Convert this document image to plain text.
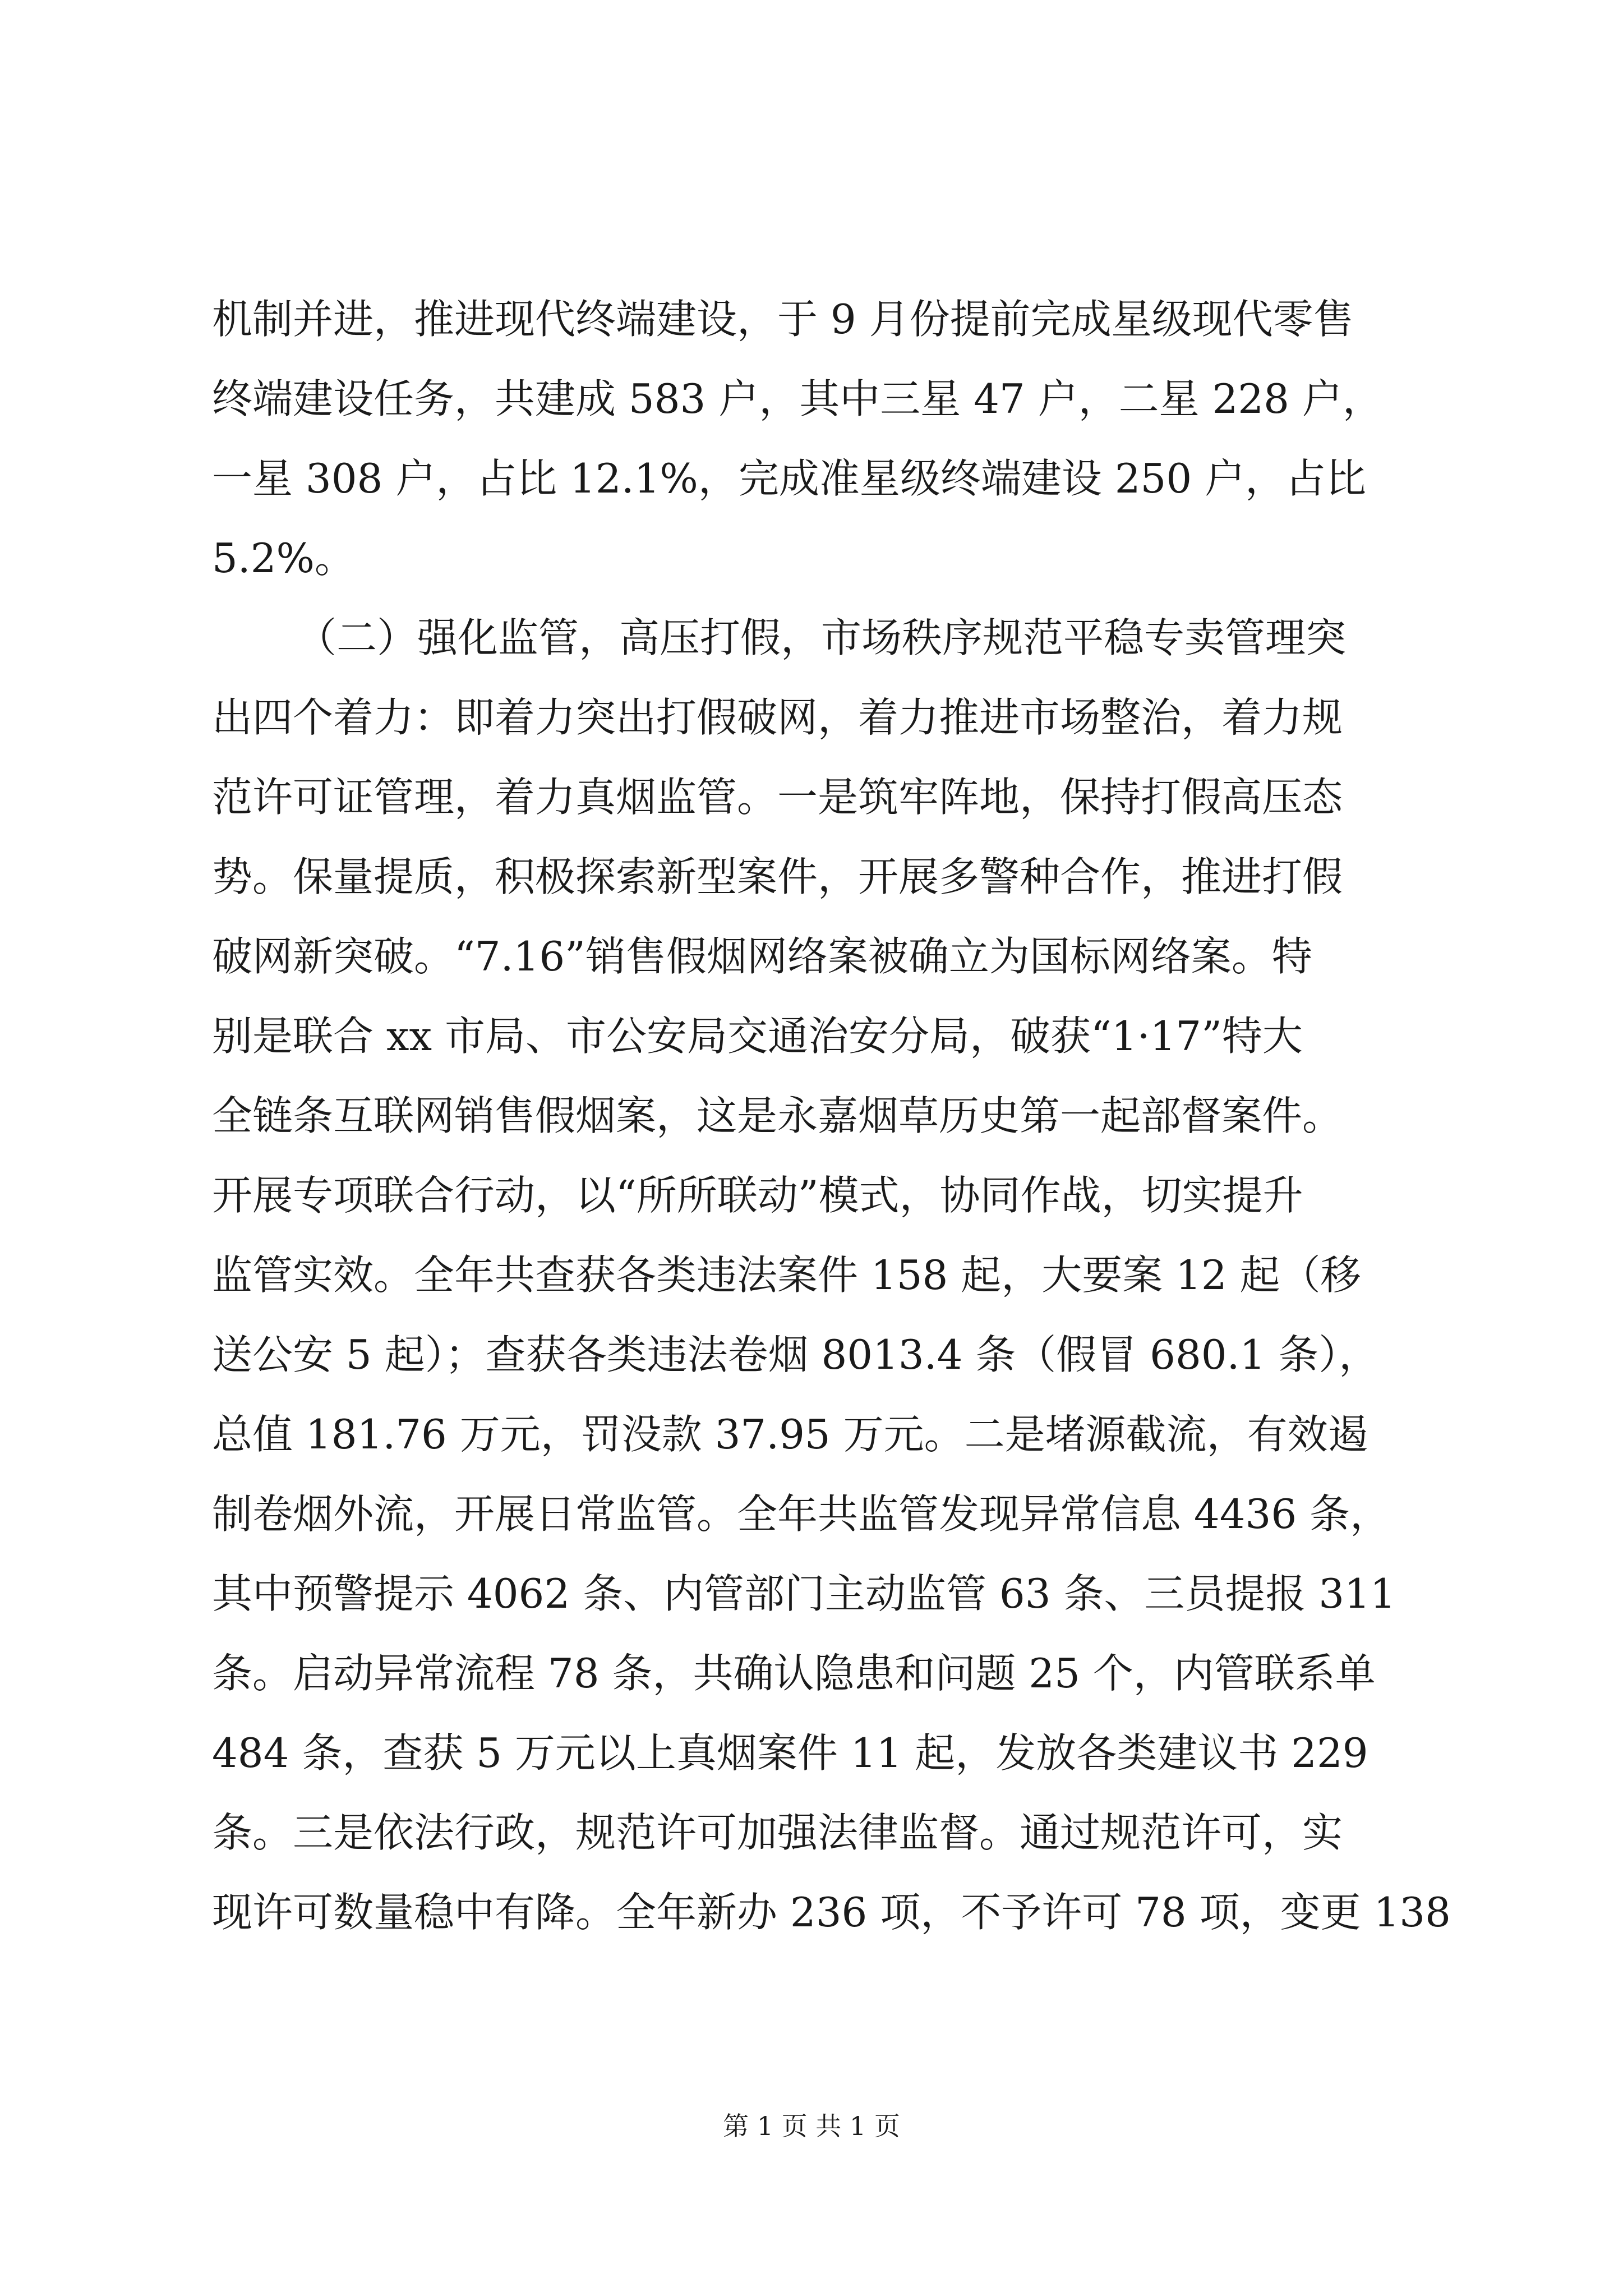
机制并进，推进现代终端建设，于 9 月份提前完成星级现代零售
终端建设任务，共建成 583 户，其中三星 47 户，二星 228 户，
一星 308 户，占比 12.1%，完成准星级终端建设 250 户，占比
5.2%。
（二）强化监管，高压打假，市场秩序规范平稳专卖管理突
出四个着力：即着力突出打假破网，着力推进市场整治，着力规
范许可证管理，着力真烟监管。一是筑牢阵地，保持打假高压态
势。保量提质，积极探索新型案件，开展多警种合作，推进打假
破网新突破。“7.16”销售假烟网络案被确立为国标网络案。特
别是联合 xx 市局、市公安局交通治安分局，破获“1·17”特大
全链条互联网销售假烟案，这是永嘉烟草历史第一起部督案件。
开展专项联合行动，以“所所联动”模式，协同作战，切实提升
监管实效。全年共查获各类违法案件 158 起，大要案 12 起（移
送公安 5 起）；查获各类违法卷烟 8013.4 条（假冒 680.1 条），
总值 181.76 万元，罚没款 37.95 万元。二是堵源截流，有效遏
制卷烟外流，开展日常监管。全年共监管发现异常信息 4436 条，
其中预警提示 4062 条、内管部门主动监管 63 条、三员提报 311
条。启动异常流程 78 条，共确认隐患和问题 25 个，内管联系单
484 条，查获 5 万元以上真烟案件 11 起，发放各类建议书 229
条。三是依法行政，规范许可加强法律监督。通过规范许可，实
现许可数量稳中有降。全年新办 236 项，不予许可 78 项，变更 138
第 1 页 共 1 页
